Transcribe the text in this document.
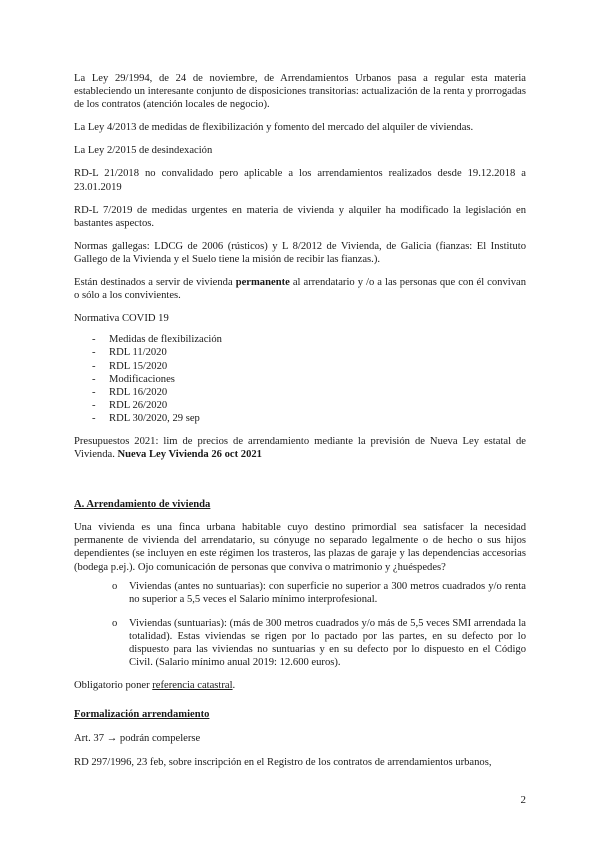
La Ley 29/1994, de 24 de noviembre, de Arrendamientos Urbanos pasa a regular esta materia estableciendo un interesante conjunto de disposiciones transitorias: actualización de la renta y prorrogadas de los contratos (atención locales de negocio).

La Ley 4/2013 de medidas de flexibilización y fomento del mercado del alquiler de viviendas.

La Ley 2/2015 de desindexación

RD-L 21/2018 no convalidado pero aplicable a los arrendamientos realizados desde 19.12.2018 a 23.01.2019

RD-L 7/2019 de medidas urgentes en materia de vivienda y alquiler ha modificado la legislación en bastantes aspectos.

Normas gallegas: LDCG de 2006 (rústicos) y L 8/2012 de Vivienda, de Galicia (fianzas: El Instituto Gallego de la Vivienda y el Suelo tiene la misión de recibir las fianzas.).

Están destinados a servir de vivienda permanente al arrendatario y /o a las personas que con él convivan o sólo a los convivientes.

Normativa COVID 19

- Medidas de flexibilización
- RDL 11/2020
- RDL 15/2020
- Modificaciones
- RDL 16/2020
- RDL 26/2020
- RDL 30/2020, 29 sep

Presupuestos 2021: lim de precios de arrendamiento mediante la previsión de Nueva Ley estatal de Vivienda. Nueva Ley Vivienda 26 oct 2021

A. Arrendamiento de vivienda

Una vivienda es una finca urbana habitable cuyo destino primordial sea satisfacer la necesidad permanente de vivienda del arrendatario, su cónyuge no separado legalmente o de hecho o sus hijos dependientes (se incluyen en este régimen los trasteros, las plazas de garaje y las dependencias accesorias (bodega p.ej.). Ojo comunicación de personas que conviva o matrimonio y ¿huéspedes?

o Viviendas (antes no suntuarias): con superficie no superior a 300 metros cuadrados y/o renta no superior a 5,5 veces el Salario mínimo interprofesional.
o Viviendas (suntuarias): (más de 300 metros cuadrados y/o más de 5,5 veces SMI arrendada la totalidad). Estas viviendas se rigen por lo pactado por las partes, en su defecto por lo dispuesto para las viviendas no suntuarias y en su defecto por lo dispuesto en el Código Civil. (Salario mínimo anual 2019: 12.600 euros).

Obligatorio poner referencia catastral.

Formalización arrendamiento

Art. 37 → podrán compelerse

RD 297/1996, 23 feb, sobre inscripción en el Registro de los contratos de arrendamientos urbanos,

2
